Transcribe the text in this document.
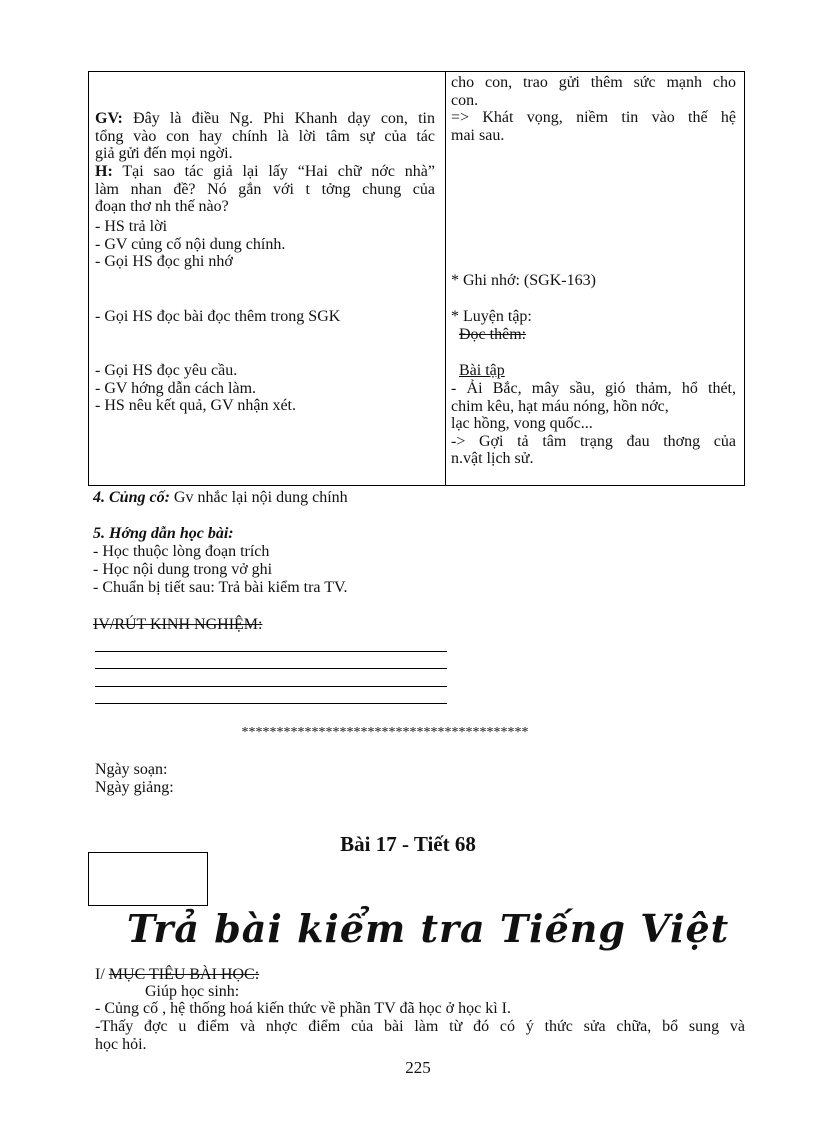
GV: Đây là điều Ng. Phi Khanh dạy con, tin
tổng vào con hay chính là lời tâm sự của tác
giả gửi đến mọi ngời.
H: Tại sao tác giả lại lấy “Hai chữ nớc nhà”
làm nhan đề? Nó gắn với t tởng chung của
đoạn thơ nh thế nào?
- HS trả lời
- GV củng cố nội dung chính.
- Gọi HS đọc ghi nhớ
- Gọi HS đọc bài đọc thêm trong SGK
- Gọi HS đọc yêu cầu.
- GV hớng dẫn cách làm.
- HS nêu kết quả, GV nhận xét.
cho con, trao gửi thêm sức mạnh cho
con.
=> Khát vọng, niềm tin vào thế hệ
mai sau.
* Ghi nhớ: (SGK-163)
* Luyện tập:
Đọc thêm:
Bài tập
- Ải Bắc, mây sầu, gió thảm, hổ thét,
chim kêu, hạt máu nóng, hồn nớc,
lạc hồng, vong quốc...
-> Gợi tả tâm trạng đau thơng của
n.vật lịch sử.
4. Củng cố: Gv nhắc lại nội dung chính
5. Hớng dẫn học bài:
- Học thuộc lòng đoạn trích
- Học nội dung trong vở ghi
- Chuẩn bị tiết sau: Trả bài kiểm tra TV.
IV/RÚT KINH NGHIỆM:
*****************************************
Ngày soạn:
Ngày giảng:
Bài 17 - Tiết 68
Trả bài kiểm tra Tiếng Việt
I/ MỤC TIÊU BÀI HỌC:
Giúp học sinh:
- Củng cố , hệ thống hoá kiến thức về phần TV đã học ở học kì I.
-Thấy đợc u điểm và nhợc điểm của bài làm từ đó có ý thức sửa chữa, bổ sung và
học hỏi.
225
